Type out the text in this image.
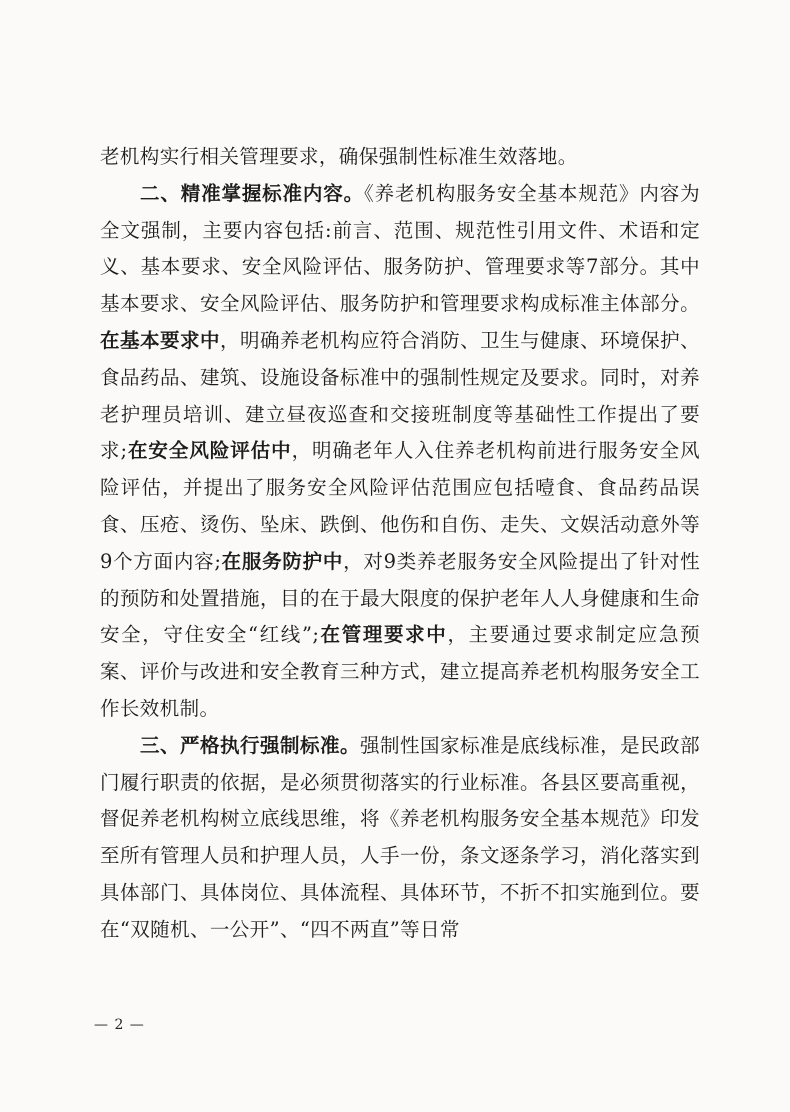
老机构实行相关管理要求，确保强制性标准生效落地。

二、精准掌握标准内容。《养老机构服务安全基本规范》内容为全文强制，主要内容包括:前言、范围、规范性引用文件、术语和定义、基本要求、安全风险评估、服务防护、管理要求等7部分。其中基本要求、安全风险评估、服务防护和管理要求构成标准主体部分。在基本要求中，明确养老机构应符合消防、卫生与健康、环境保护、食品药品、建筑、设施设备标准中的强制性规定及要求。同时，对养老护理员培训、建立昼夜巡查和交接班制度等基础性工作提出了要求;在安全风险评估中，明确老年人入住养老机构前进行服务安全风险评估，并提出了服务安全风险评估范围应包括噎食、食品药品误食、压疮、烫伤、坠床、跌倒、他伤和自伤、走失、文娱活动意外等9个方面内容;在服务防护中，对9类养老服务安全风险提出了针对性的预防和处置措施，目的在于最大限度的保护老年人人身健康和生命安全，守住安全“红线”;在管理要求中，主要通过要求制定应急预案、评价与改进和安全教育三种方式，建立提高养老机构服务安全工作长效机制。

三、严格执行强制标准。强制性国家标准是底线标准，是民政部门履行职责的依据，是必须贯彻落实的行业标准。各县区要高重视，督促养老机构树立底线思维，将《养老机构服务安全基本规范》印发至所有管理人员和护理人员，人手一份，条文逐条学习，消化落实到具体部门、具体岗位、具体流程、具体环节，不折不扣实施到位。要在“双随机、一公开”、“四不两直”等日常

— 2 —
